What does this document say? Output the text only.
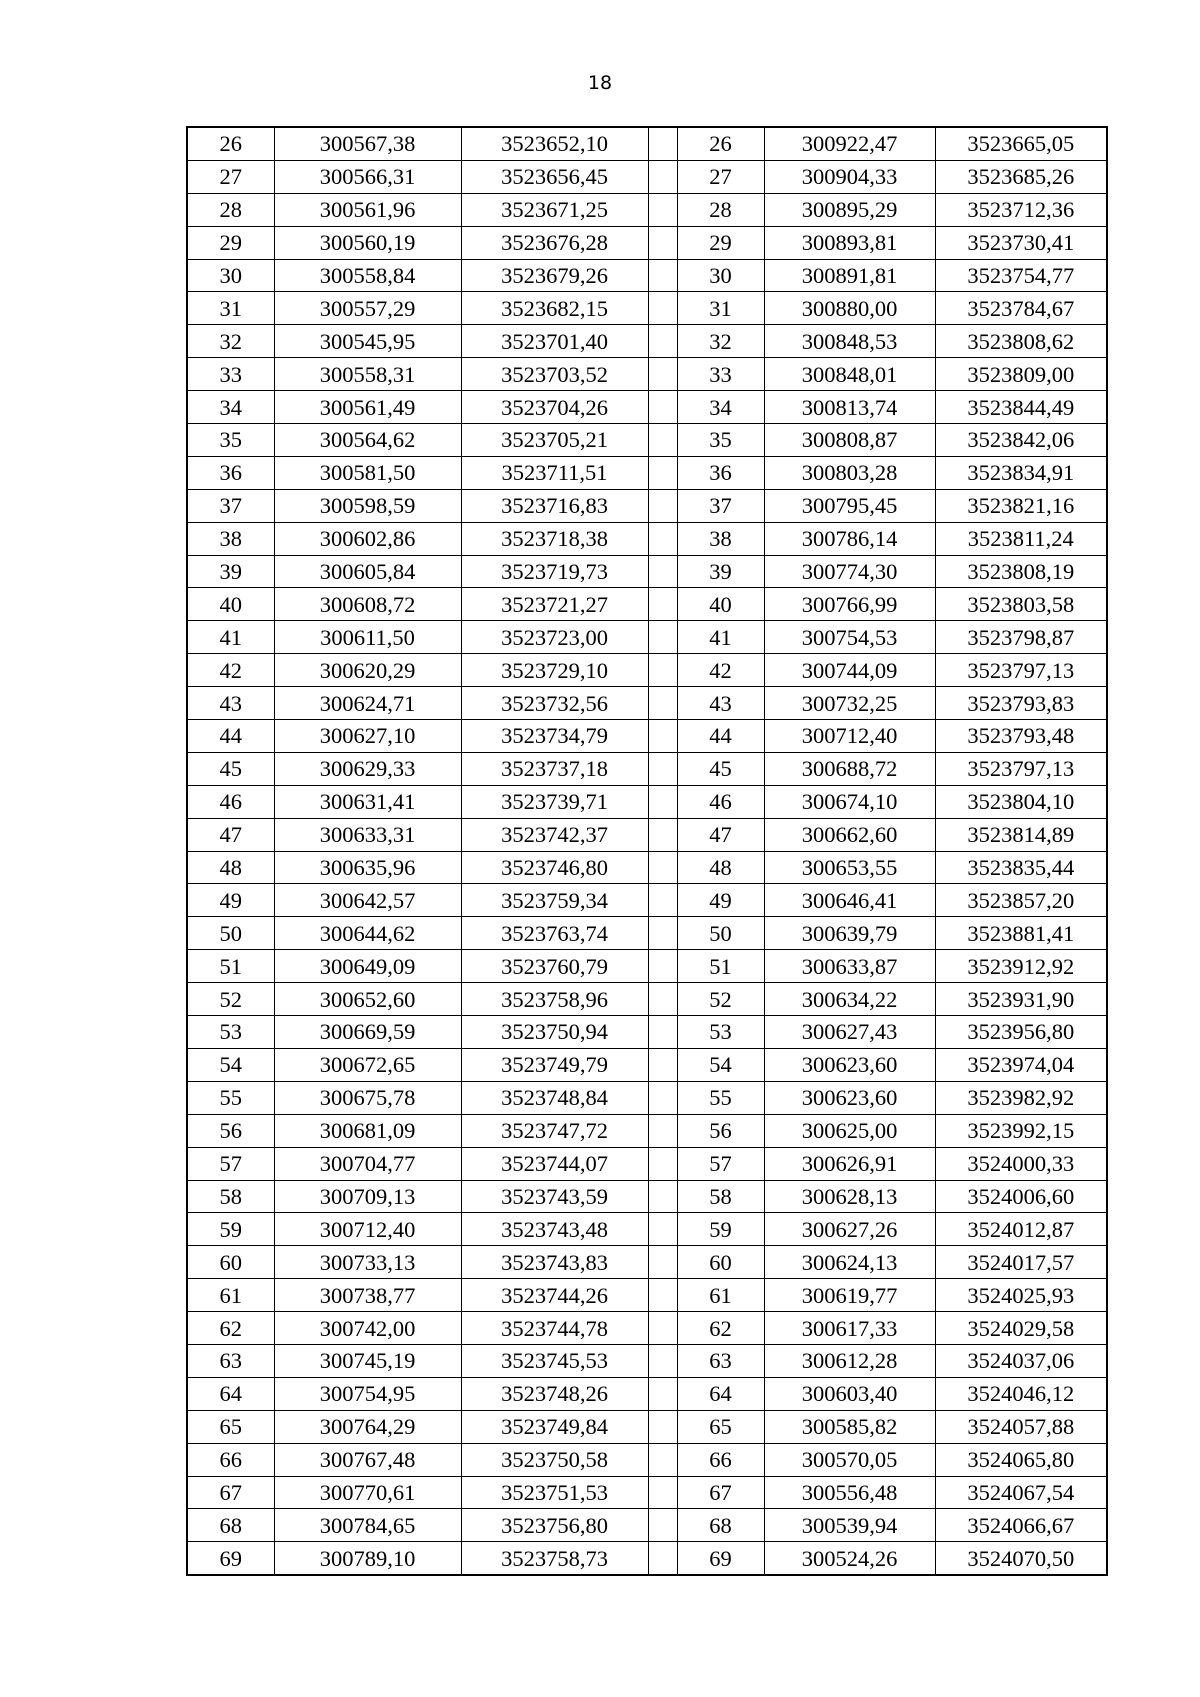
18
26	300567,38	3523652,10		26	300922,47	3523665,05
27	300566,31	3523656,45		27	300904,33	3523685,26
28	300561,96	3523671,25		28	300895,29	3523712,36
29	300560,19	3523676,28		29	300893,81	3523730,41
30	300558,84	3523679,26		30	300891,81	3523754,77
31	300557,29	3523682,15		31	300880,00	3523784,67
32	300545,95	3523701,40		32	300848,53	3523808,62
33	300558,31	3523703,52		33	300848,01	3523809,00
34	300561,49	3523704,26		34	300813,74	3523844,49
35	300564,62	3523705,21		35	300808,87	3523842,06
36	300581,50	3523711,51		36	300803,28	3523834,91
37	300598,59	3523716,83		37	300795,45	3523821,16
38	300602,86	3523718,38		38	300786,14	3523811,24
39	300605,84	3523719,73		39	300774,30	3523808,19
40	300608,72	3523721,27		40	300766,99	3523803,58
41	300611,50	3523723,00		41	300754,53	3523798,87
42	300620,29	3523729,10		42	300744,09	3523797,13
43	300624,71	3523732,56		43	300732,25	3523793,83
44	300627,10	3523734,79		44	300712,40	3523793,48
45	300629,33	3523737,18		45	300688,72	3523797,13
46	300631,41	3523739,71		46	300674,10	3523804,10
47	300633,31	3523742,37		47	300662,60	3523814,89
48	300635,96	3523746,80		48	300653,55	3523835,44
49	300642,57	3523759,34		49	300646,41	3523857,20
50	300644,62	3523763,74		50	300639,79	3523881,41
51	300649,09	3523760,79		51	300633,87	3523912,92
52	300652,60	3523758,96		52	300634,22	3523931,90
53	300669,59	3523750,94		53	300627,43	3523956,80
54	300672,65	3523749,79		54	300623,60	3523974,04
55	300675,78	3523748,84		55	300623,60	3523982,92
56	300681,09	3523747,72		56	300625,00	3523992,15
57	300704,77	3523744,07		57	300626,91	3524000,33
58	300709,13	3523743,59		58	300628,13	3524006,60
59	300712,40	3523743,48		59	300627,26	3524012,87
60	300733,13	3523743,83		60	300624,13	3524017,57
61	300738,77	3523744,26		61	300619,77	3524025,93
62	300742,00	3523744,78		62	300617,33	3524029,58
63	300745,19	3523745,53		63	300612,28	3524037,06
64	300754,95	3523748,26		64	300603,40	3524046,12
65	300764,29	3523749,84		65	300585,82	3524057,88
66	300767,48	3523750,58		66	300570,05	3524065,80
67	300770,61	3523751,53		67	300556,48	3524067,54
68	300784,65	3523756,80		68	300539,94	3524066,67
69	300789,10	3523758,73		69	300524,26	3524070,50
